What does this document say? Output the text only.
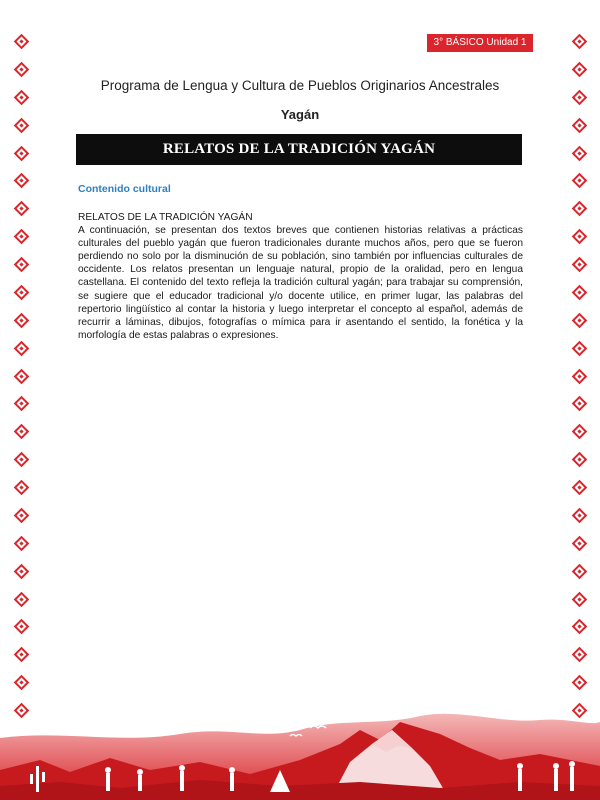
3° BÁSICO Unidad 1
Programa de Lengua y Cultura de Pueblos Originarios Ancestrales
Yagán
RELATOS DE LA TRADICIÓN YAGÁN
Contenido cultural
RELATOS DE LA TRADICIÓN YAGÁN
A continuación, se presentan dos textos breves que contienen historias relativas a prácticas culturales del pueblo yagán que fueron tradicionales durante muchos años, pero que se fueron perdiendo no solo por la disminución de su población, sino también por influencias culturales de occidente. Los relatos presentan un lenguaje natural, propio de la oralidad, pero en lengua castellana. El contenido del texto refleja la tradición cultural yagán; para trabajar su comprensión, se sugiere que el educador tradicional y/o docente utilice, en primer lugar, las palabras del repertorio lingüístico al contar la historia y luego interpretar el concepto al español, además de recurrir a láminas, dibujos, fotografías o mímica para ir asentando el sentido, la fonética y la morfología de estas palabras o expresiones.
